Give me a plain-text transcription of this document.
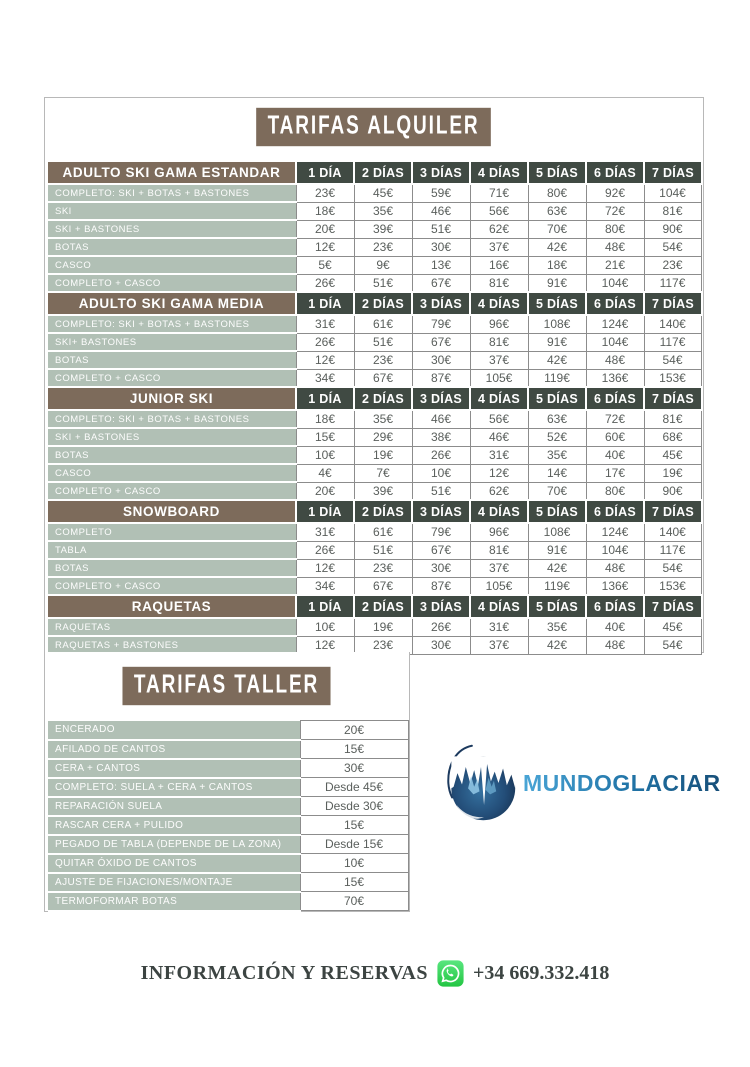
TARIFAS ALQUILER
ADULTO SKI GAMA ESTANDAR	1 DÍA	2 DÍAS	3 DÍAS	4 DÍAS	5 DÍAS	6 DÍAS	7 DÍAS
COMPLETO: SKI + BOTAS + BASTONES	23€	45€	59€	71€	80€	92€	104€
SKI	18€	35€	46€	56€	63€	72€	81€
SKI + BASTONES	20€	39€	51€	62€	70€	80€	90€
BOTAS	12€	23€	30€	37€	42€	48€	54€
CASCO	5€	9€	13€	16€	18€	21€	23€
COMPLETO + CASCO	26€	51€	67€	81€	91€	104€	117€
ADULTO SKI GAMA MEDIA	1 DÍA	2 DÍAS	3 DÍAS	4 DÍAS	5 DÍAS	6 DÍAS	7 DÍAS
COMPLETO: SKI + BOTAS + BASTONES	31€	61€	79€	96€	108€	124€	140€
SKI+ BASTONES	26€	51€	67€	81€	91€	104€	117€
BOTAS	12€	23€	30€	37€	42€	48€	54€
COMPLETO + CASCO	34€	67€	87€	105€	119€	136€	153€
JUNIOR SKI	1 DÍA	2 DÍAS	3 DÍAS	4 DÍAS	5 DÍAS	6 DÍAS	7 DÍAS
COMPLETO: SKI + BOTAS + BASTONES	18€	35€	46€	56€	63€	72€	81€
SKI + BASTONES	15€	29€	38€	46€	52€	60€	68€
BOTAS	10€	19€	26€	31€	35€	40€	45€
CASCO	4€	7€	10€	12€	14€	17€	19€
COMPLETO + CASCO	20€	39€	51€	62€	70€	80€	90€
SNOWBOARD	1 DÍA	2 DÍAS	3 DÍAS	4 DÍAS	5 DÍAS	6 DÍAS	7 DÍAS
COMPLETO	31€	61€	79€	96€	108€	124€	140€
TABLA	26€	51€	67€	81€	91€	104€	117€
BOTAS	12€	23€	30€	37€	42€	48€	54€
COMPLETO + CASCO	34€	67€	87€	105€	119€	136€	153€
RAQUETAS	1 DÍA	2 DÍAS	3 DÍAS	4 DÍAS	5 DÍAS	6 DÍAS	7 DÍAS
RAQUETAS	10€	19€	26€	31€	35€	40€	45€
RAQUETAS + BASTONES	12€	23€	30€	37€	42€	48€	54€
TARIFAS TALLER
ENCERADO	20€
AFILADO DE CANTOS	15€
CERA + CANTOS	30€
COMPLETO: SUELA + CERA + CANTOS	Desde 45€
REPARACIÓN SUELA	Desde 30€
RASCAR CERA + PULIDO	15€
PEGADO DE TABLA (DEPENDE DE LA ZONA)	Desde 15€
QUITAR ÓXIDO DE CANTOS	10€
AJUSTE DE FIJACIONES/MONTAJE	15€
TERMOFORMAR BOTAS	70€
MUNDOGLACIAR
INFORMACIÓN Y RESERVAS +34 669.332.418
